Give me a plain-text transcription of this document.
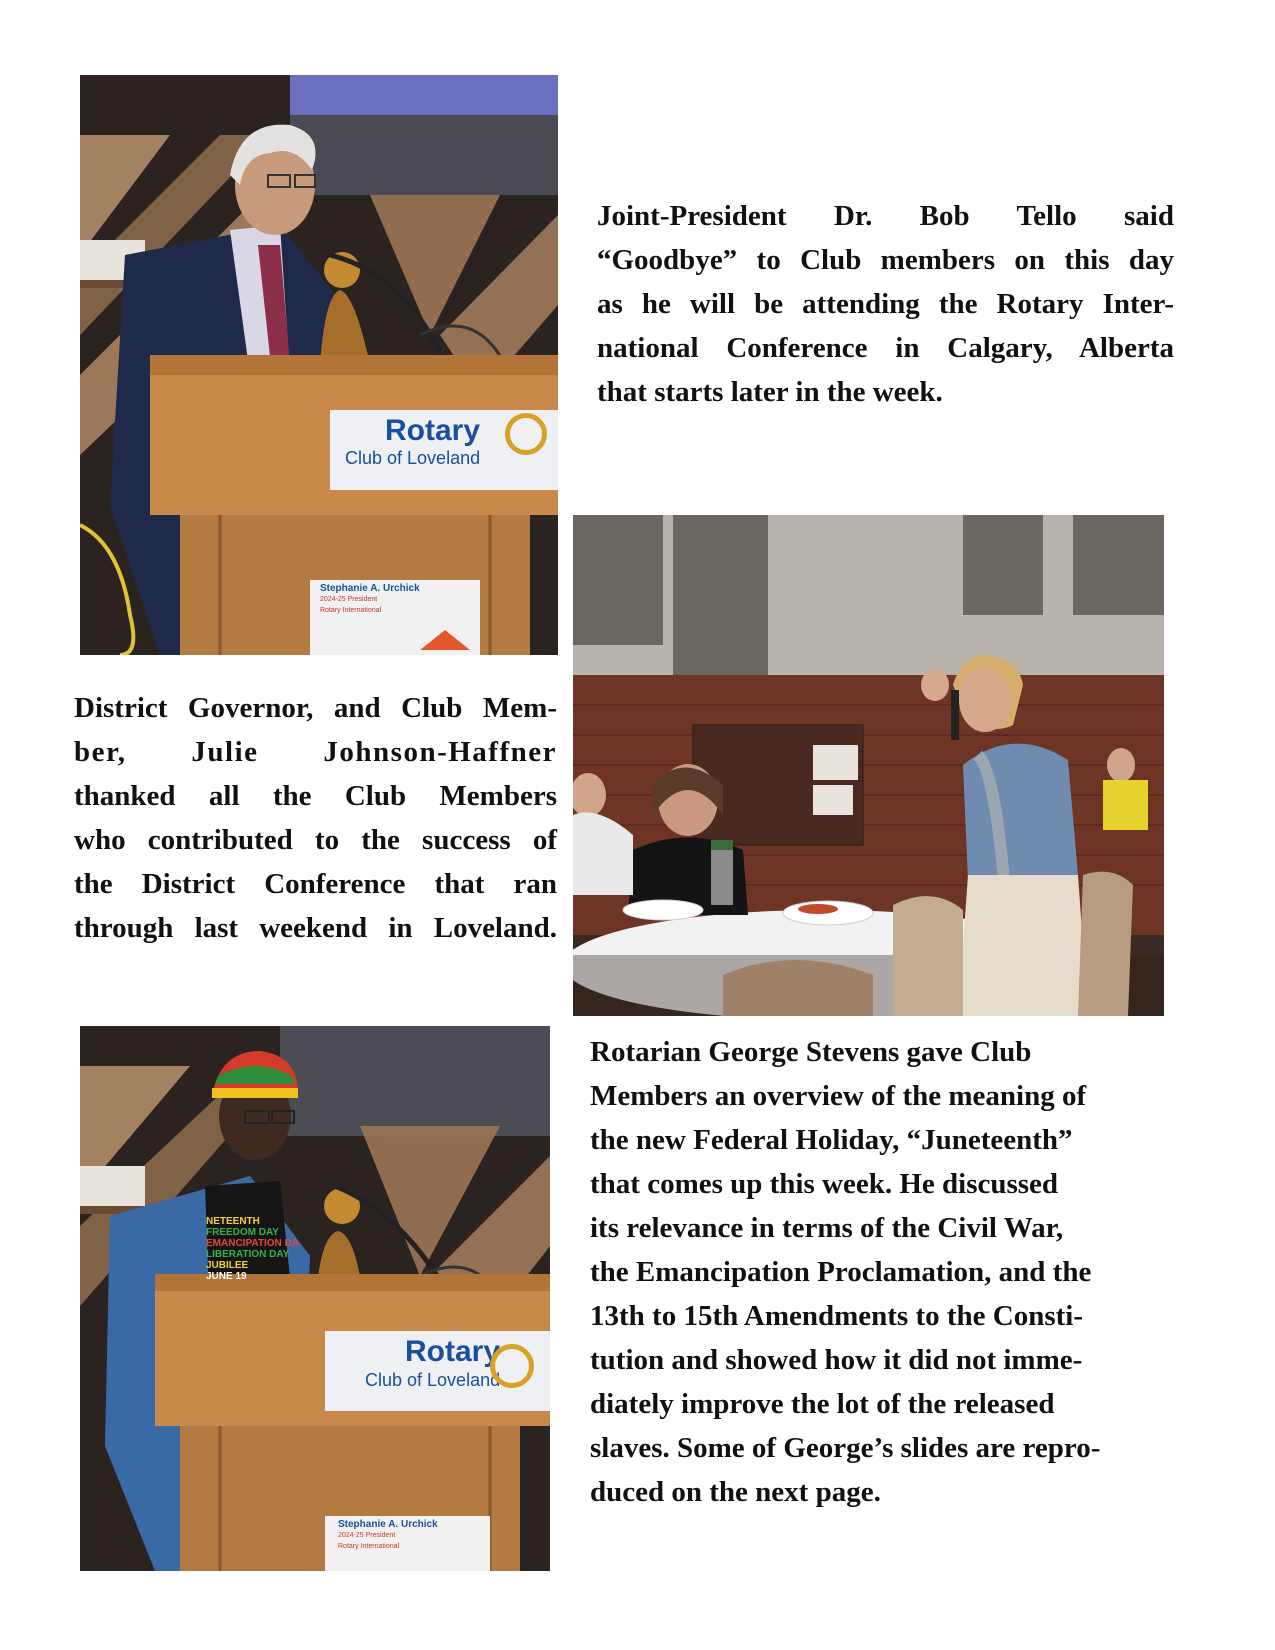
Rotary
Club of Loveland
Stephanie A. Urchick
2024-25 President
Rotary International
Joint-President Dr. Bob Tello said
“Goodbye” to Club members on this day
as he will be attending the Rotary Inter-
national Conference in Calgary, Alberta
that starts later in the week.
District Governor, and Club Mem-
ber, Julie Johnson-Haffner
thanked all the Club Members
who contributed to the success of
the District Conference that ran
through last weekend in Loveland.
NETEENTH
FREEDOM DAY
EMANCIPATION DA
LIBERATION DAY
JUBILEE
JUNE 19
Rotary
Club of Loveland
Stephanie A. Urchick
2024-25 President
Rotary International
Rotarian George Stevens gave Club
Members an overview of the meaning of
the new Federal Holiday, “Juneteenth”
that comes up this week. He discussed
its relevance in terms of the Civil War,
the Emancipation Proclamation, and the
13th to 15th Amendments to the Consti-
tution and showed how it did not imme-
diately improve the lot of the released
slaves. Some of George’s slides are repro-
duced on the next page.
